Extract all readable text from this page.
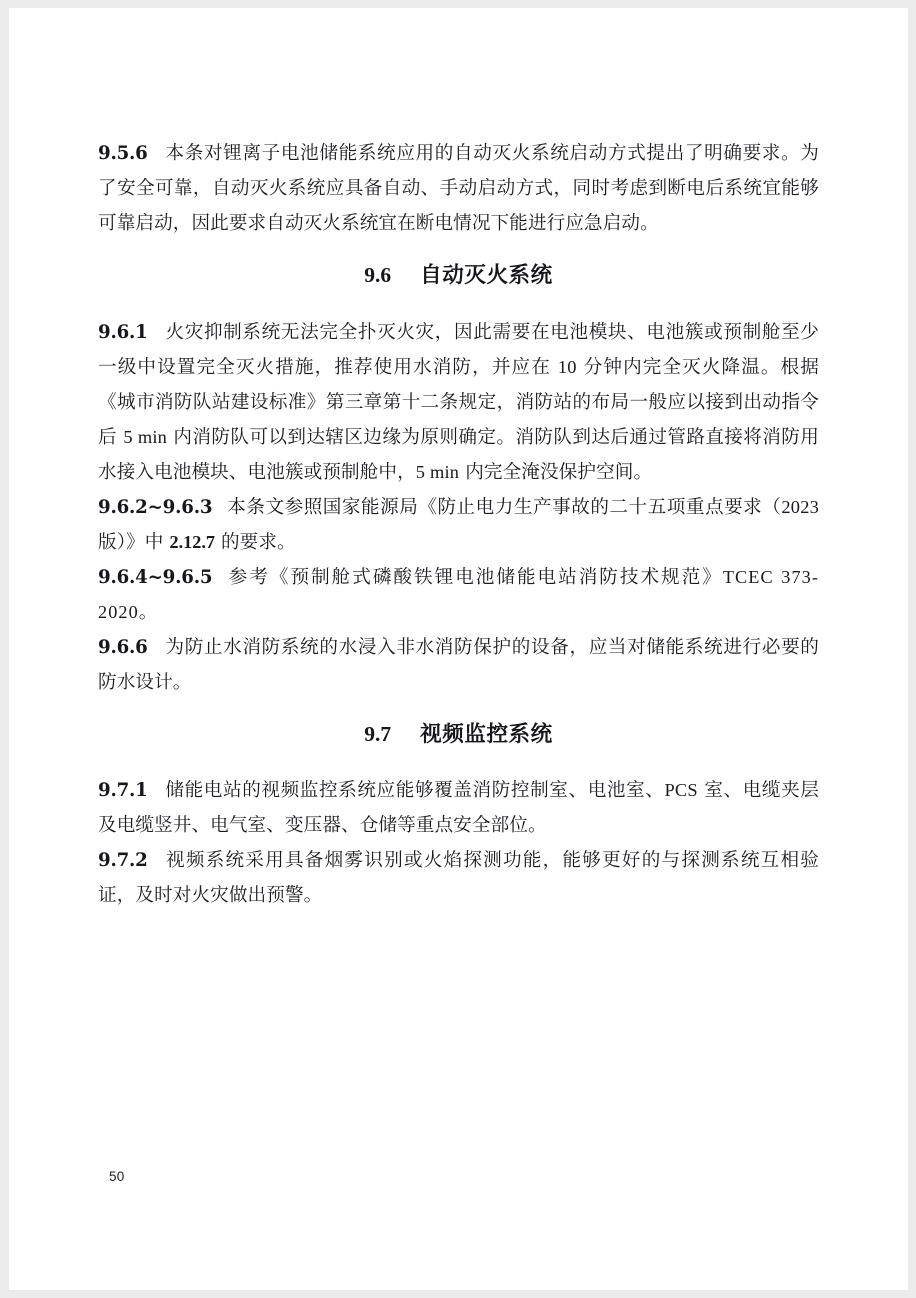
9.5.6 本条对锂离子电池储能系统应用的自动灭火系统启动方式提出了明确要求。为了安全可靠，自动灭火系统应具备自动、手动启动方式，同时考虑到断电后系统宜能够可靠启动，因此要求自动灭火系统宜在断电情况下能进行应急启动。

9.6 自动灭火系统

9.6.1 火灾抑制系统无法完全扑灭火灾，因此需要在电池模块、电池簇或预制舱至少一级中设置完全灭火措施，推荐使用水消防，并应在 10 分钟内完全灭火降温。根据《城市消防队站建设标准》第三章第十二条规定，消防站的布局一般应以接到出动指令后 5 min 内消防队可以到达辖区边缘为原则确定。消防队到达后通过管路直接将消防用水接入电池模块、电池簇或预制舱中，5 min 内完全淹没保护空间。

9.6.2~9.6.3 本条文参照国家能源局《防止电力生产事故的二十五项重点要求（2023 版）》中 2.12.7 的要求。

9.6.4~9.6.5 参考《预制舱式磷酸铁锂电池储能电站消防技术规范》TCEC 373-2020。

9.6.6 为防止水消防系统的水浸入非水消防保护的设备，应当对储能系统进行必要的防水设计。

9.7 视频监控系统

9.7.1 储能电站的视频监控系统应能够覆盖消防控制室、电池室、PCS 室、电缆夹层及电缆竖井、电气室、变压器、仓储等重点安全部位。

9.7.2 视频系统采用具备烟雾识别或火焰探测功能，能够更好的与探测系统互相验证，及时对火灾做出预警。

50
